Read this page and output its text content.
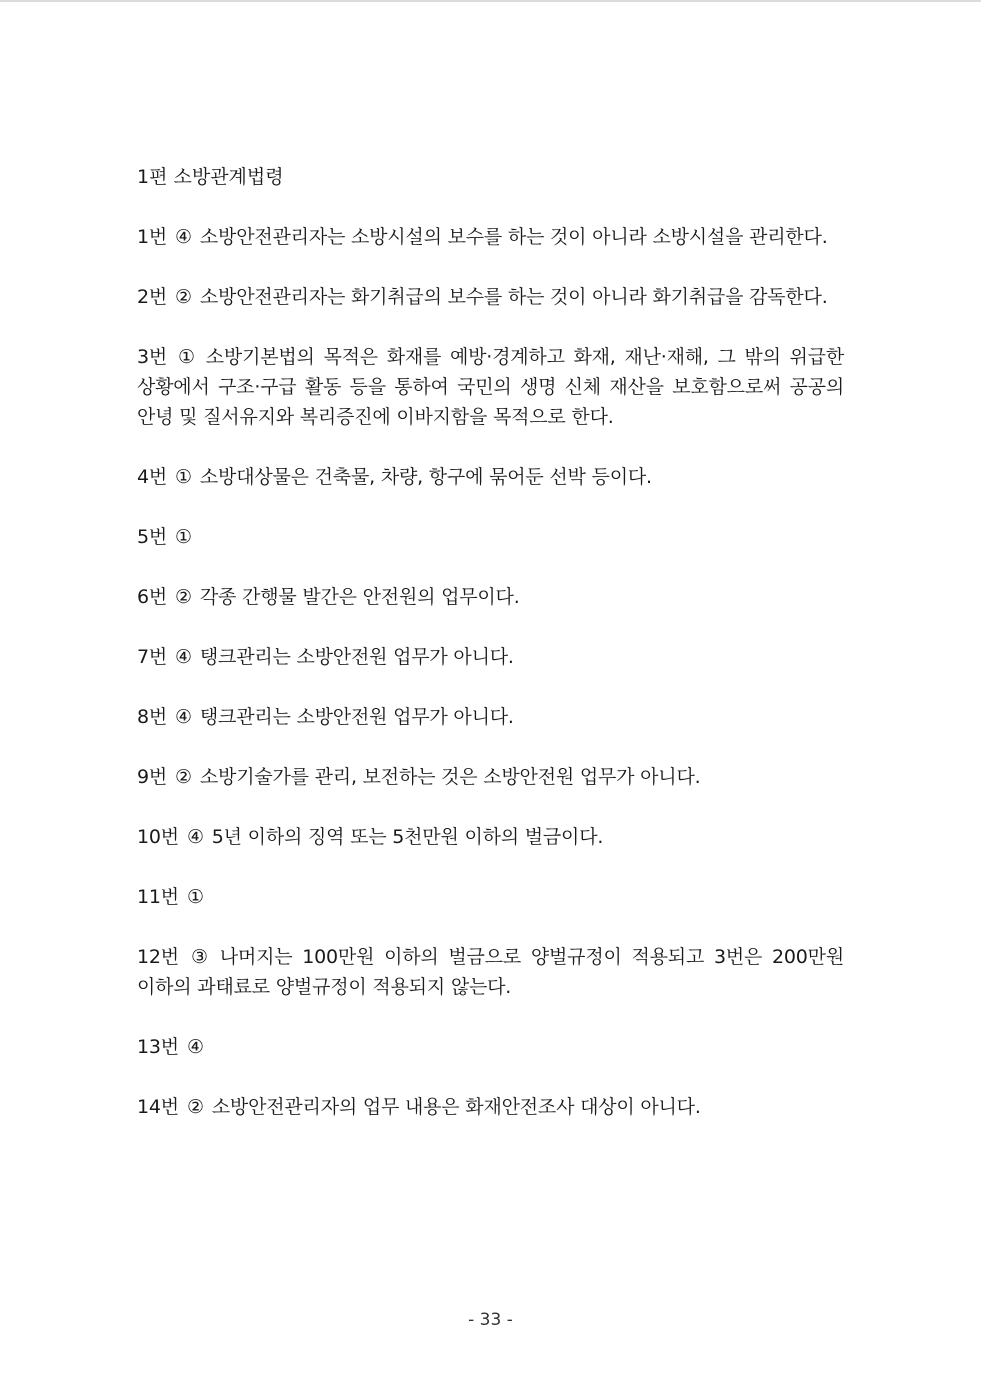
1편 소방관계법령

1번 ④ 소방안전관리자는 소방시설의 보수를 하는 것이 아니라 소방시설을 관리한다.

2번 ② 소방안전관리자는 화기취급의 보수를 하는 것이 아니라 화기취급을 감독한다.

3번 ① 소방기본법의 목적은 화재를 예방·경계하고 화재, 재난·재해, 그 밖의 위급한 상황에서 구조·구급 활동 등을 통하여 국민의 생명 신체 재산을 보호함으로써 공공의 안녕 및 질서유지와 복리증진에 이바지함을 목적으로 한다.

4번 ① 소방대상물은 건축물, 차량, 항구에 묶어둔 선박 등이다.

5번 ①

6번 ② 각종 간행물 발간은 안전원의 업무이다.

7번 ④ 탱크관리는 소방안전원 업무가 아니다.

8번 ④ 탱크관리는 소방안전원 업무가 아니다.

9번 ② 소방기술가를 관리, 보전하는 것은 소방안전원 업무가 아니다.

10번 ④ 5년 이하의 징역 또는 5천만원 이하의 벌금이다.

11번 ①

12번 ③ 나머지는 100만원 이하의 벌금으로 양벌규정이 적용되고 3번은 200만원 이하의 과태료로 양벌규정이 적용되지 않는다.

13번 ④

14번 ② 소방안전관리자의 업무 내용은 화재안전조사 대상이 아니다.

- 33 -
